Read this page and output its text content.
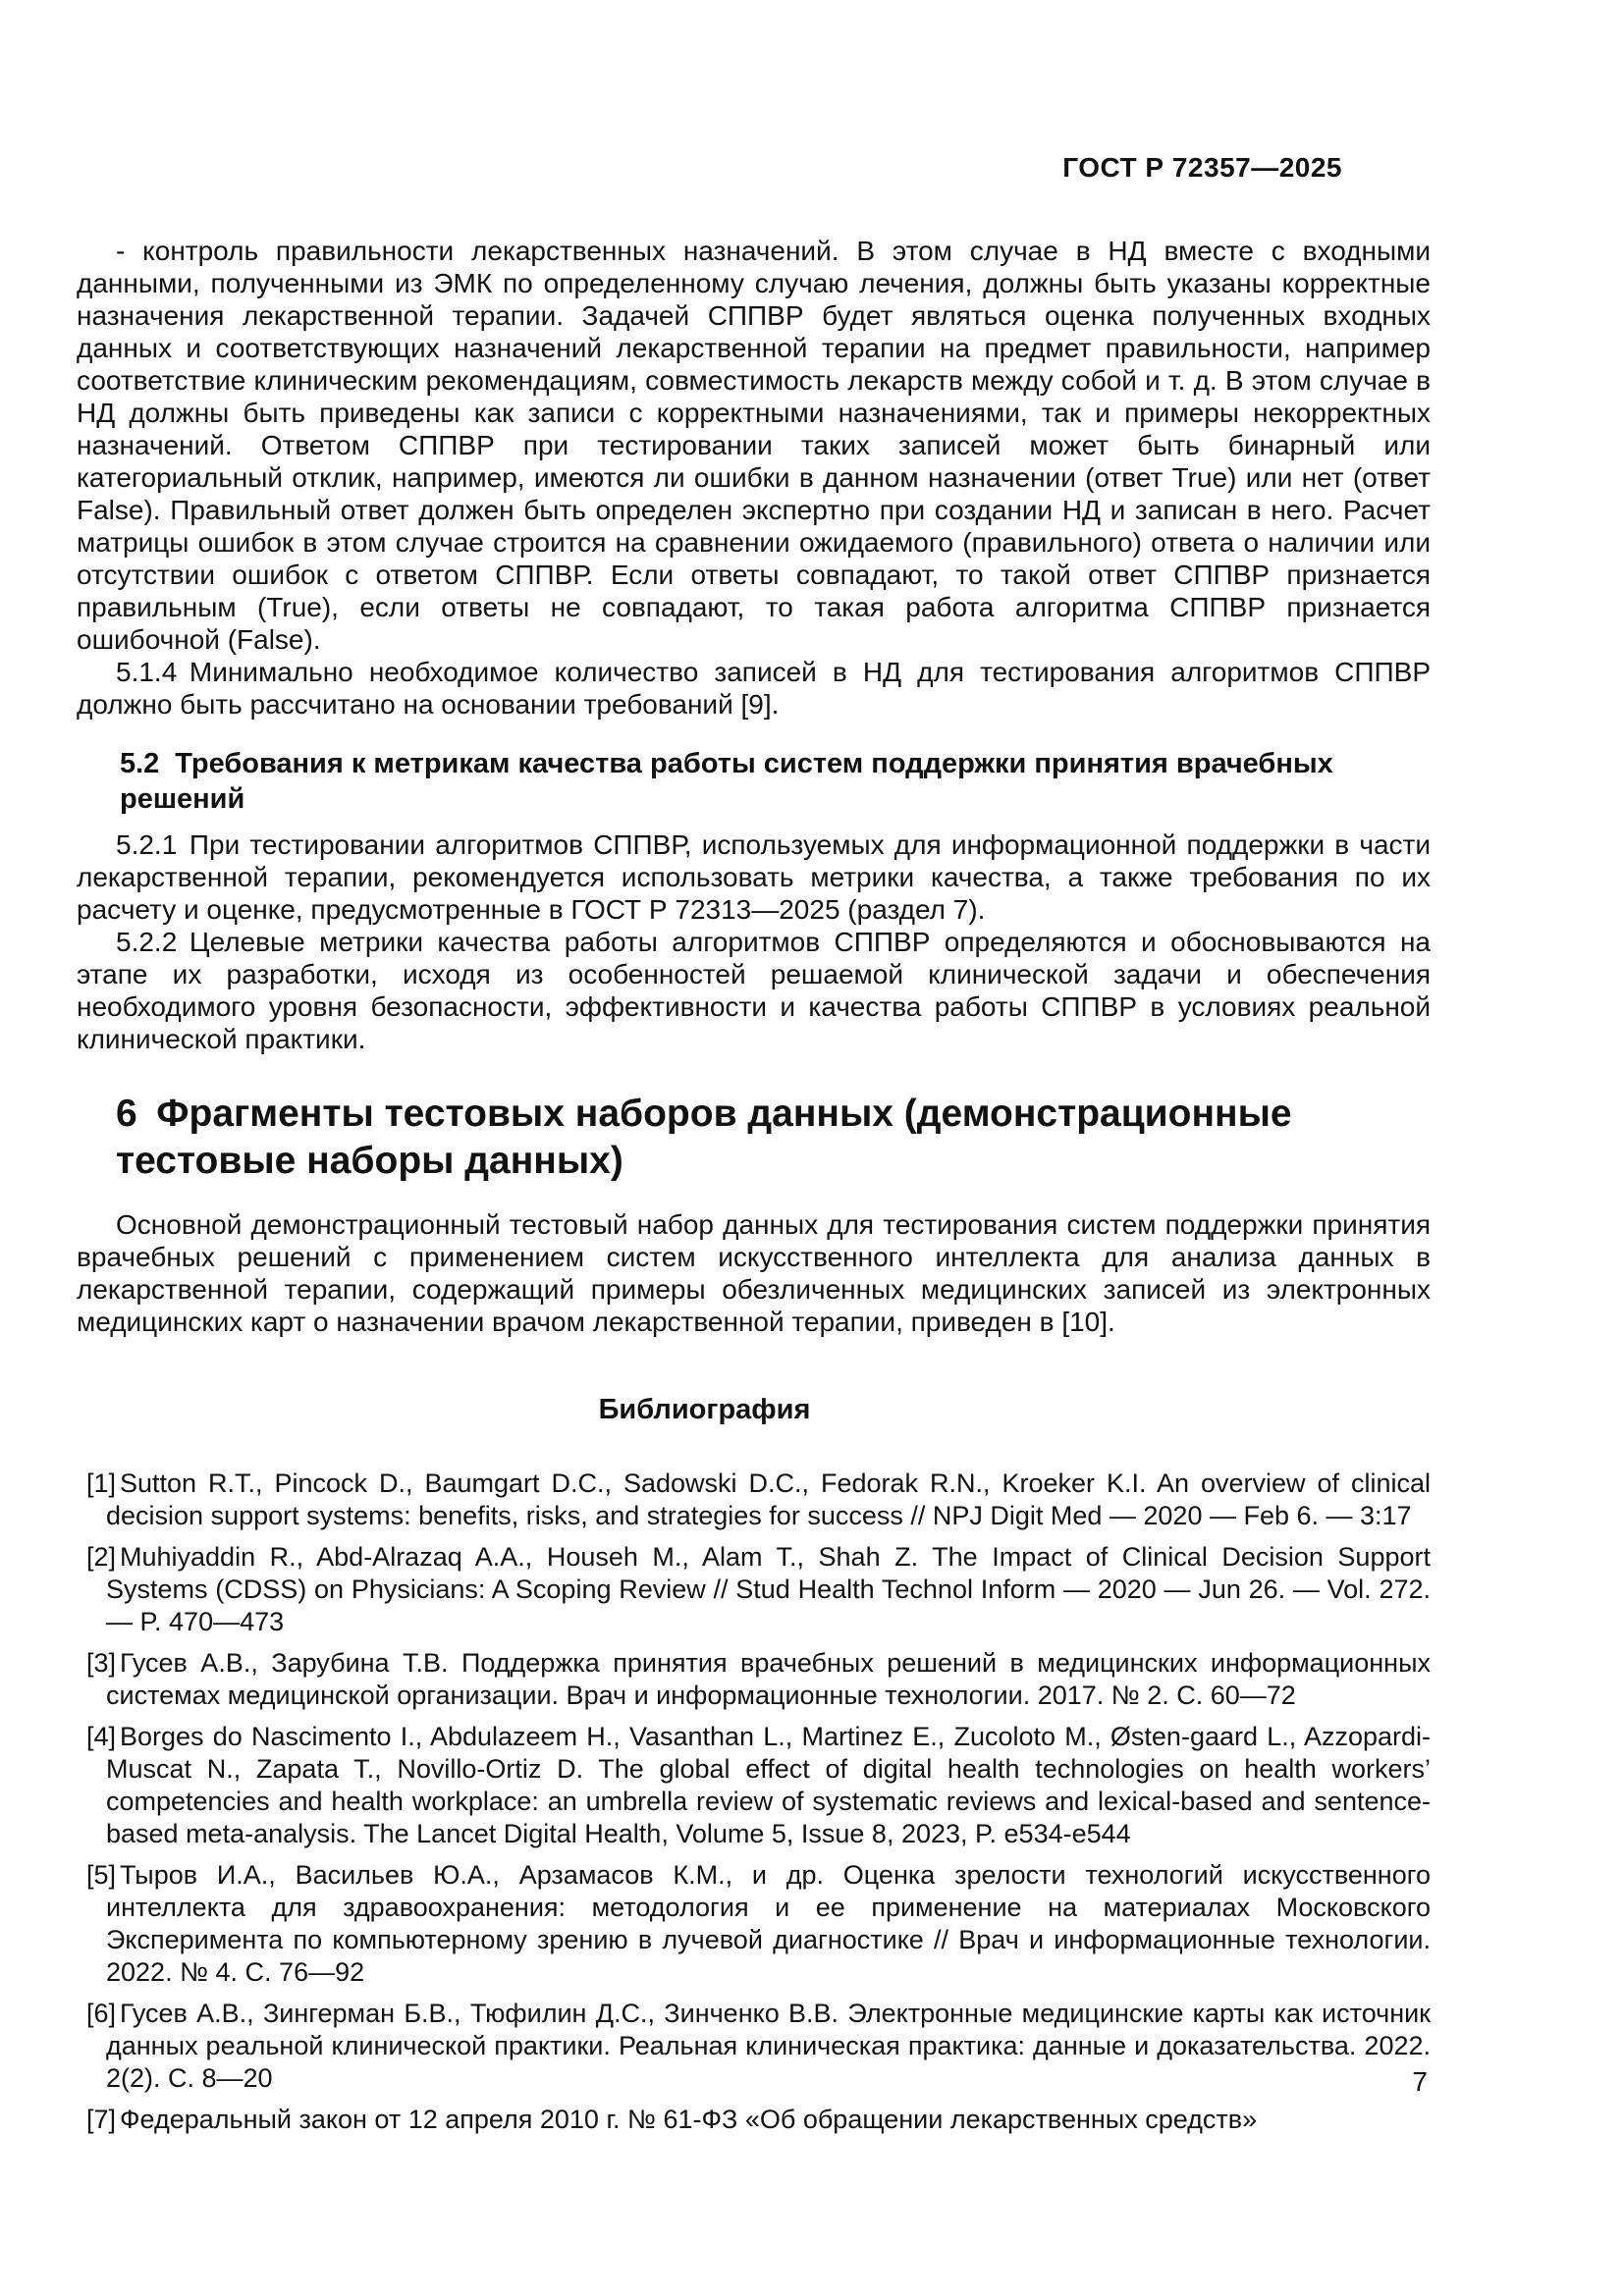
ГОСТ Р 72357—2025

- контроль правильности лекарственных назначений. В этом случае в НД вместе с входными данными, полученными из ЭМК по определенному случаю лечения, должны быть указаны корректные назначения лекарственной терапии. Задачей СППВР будет являться оценка полученных входных данных и соответствующих назначений лекарственной терапии на предмет правильности, например соответствие клиническим рекомендациям, совместимость лекарств между собой и т. д. В этом случае в НД должны быть приведены как записи с корректными назначениями, так и примеры некорректных назначений. Ответом СППВР при тестировании таких записей может быть бинарный или категориальный отклик, например, имеются ли ошибки в данном назначении (ответ True) или нет (ответ False). Правильный ответ должен быть определен экспертно при создании НД и записан в него. Расчет матрицы ошибок в этом случае строится на сравнении ожидаемого (правильного) ответа о наличии или отсутствии ошибок с ответом СППВР. Если ответы совпадают, то такой ответ СППВР признается правильным (True), если ответы не совпадают, то такая работа алгоритма СППВР признается ошибочной (False).

5.1.4 Минимально необходимое количество записей в НД для тестирования алгоритмов СППВР должно быть рассчитано на основании требований [9].

5.2 Требования к метрикам качества работы систем поддержки принятия врачебных решений

5.2.1 При тестировании алгоритмов СППВР, используемых для информационной поддержки в части лекарственной терапии, рекомендуется использовать метрики качества, а также требования по их расчету и оценке, предусмотренные в ГОСТ Р 72313—2025 (раздел 7).

5.2.2 Целевые метрики качества работы алгоритмов СППВР определяются и обосновываются на этапе их разработки, исходя из особенностей решаемой клинической задачи и обеспечения необходимого уровня безопасности, эффективности и качества работы СППВР в условиях реальной клинической практики.

6 Фрагменты тестовых наборов данных (демонстрационные тестовые наборы данных)

Основной демонстрационный тестовый набор данных для тестирования систем поддержки принятия врачебных решений с применением систем искусственного интеллекта для анализа данных в лекарственной терапии, содержащий примеры обезличенных медицинских записей из электронных медицинских карт о назначении врачом лекарственной терапии, приведен в [10].

Библиография

[1] Sutton R.T., Pincock D., Baumgart D.C., Sadowski D.C., Fedorak R.N., Kroeker K.I. An overview of clinical decision support systems: benefits, risks, and strategies for success // NPJ Digit Med — 2020 — Feb 6. — 3:17

[2] Muhiyaddin R., Abd-Alrazaq A.A., Househ M., Alam T., Shah Z. The Impact of Clinical Decision Support Systems (CDSS) on Physicians: A Scoping Review // Stud Health Technol Inform — 2020 — Jun 26. — Vol. 272. — P. 470—473

[3] Гусев А.В., Зарубина Т.В. Поддержка принятия врачебных решений в медицинских информационных системах медицинской организации. Врач и информационные технологии. 2017. № 2. С. 60—72

[4] Borges do Nascimento I., Abdulazeem H., Vasanthan L., Martinez E., Zucoloto M., Østen-gaard L., Azzopardi-Muscat N., Zapata T., Novillo-Ortiz D. The global effect of digital health technologies on health workers’ competencies and health workplace: an umbrella review of systematic reviews and lexical-based and sentence-based meta-analysis. The Lancet Digital Health, Volume 5, Issue 8, 2023, P. e534-e544

[5] Тыров И.А., Васильев Ю.А., Арзамасов К.М., и др. Оценка зрелости технологий искусственного интеллекта для здравоохранения: методология и ее применение на материалах Московского Эксперимента по компьютерному зрению в лучевой диагностике // Врач и информационные технологии. 2022. № 4. С. 76—92

[6] Гусев А.В., Зингерман Б.В., Тюфилин Д.С., Зинченко В.В. Электронные медицинские карты как источник данных реальной клинической практики. Реальная клиническая практика: данные и доказательства. 2022. 2(2). С. 8—20

[7] Федеральный закон от 12 апреля 2010 г. № 61-ФЗ «Об обращении лекарственных средств»

7
